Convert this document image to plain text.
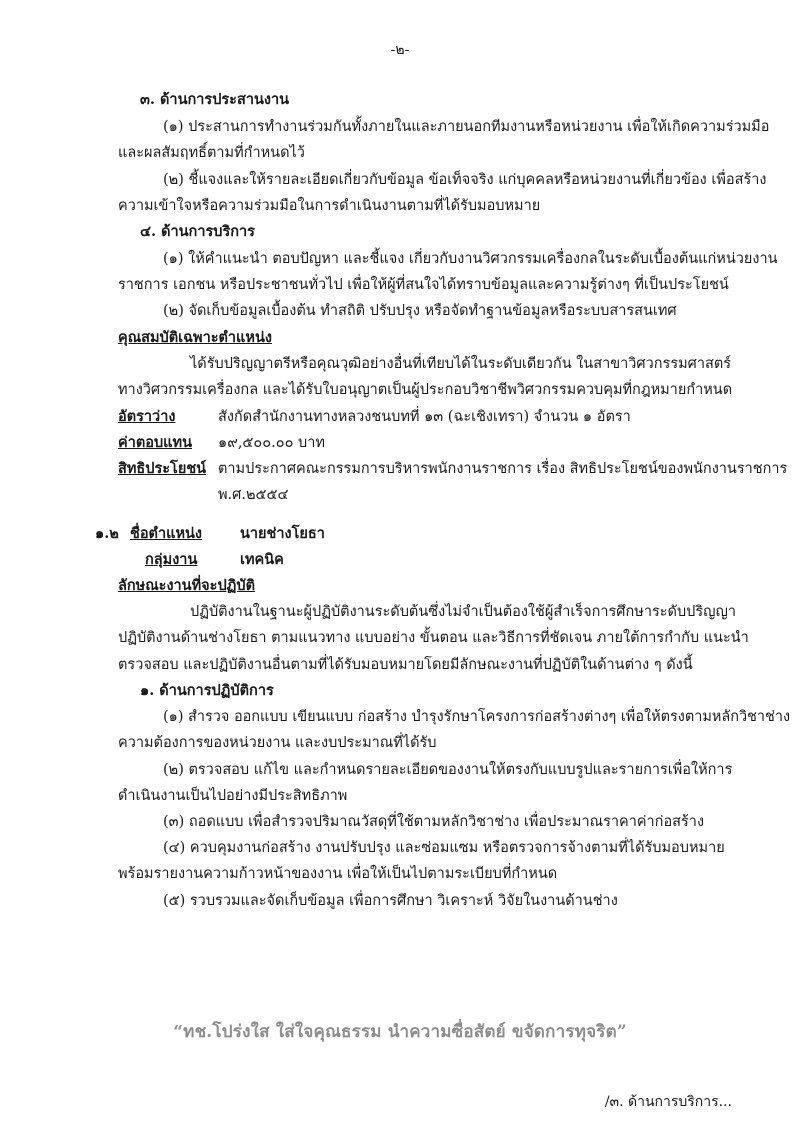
-๒-
๓. ด้านการประสานงาน
(๑) ประสานการทำงานร่วมกันทั้งภายในและภายนอกทีมงานหรือหน่วยงาน เพื่อให้เกิดความร่วมมือ
และผลสัมฤทธิ์ตามที่กำหนดไว้
(๒) ชี้แจงและให้รายละเอียดเกี่ยวกับข้อมูล ข้อเท็จจริง แก่บุคคลหรือหน่วยงานที่เกี่ยวข้อง เพื่อสร้าง
ความเข้าใจหรือความร่วมมือในการดำเนินงานตามที่ได้รับมอบหมาย
๔. ด้านการบริการ
(๑) ให้คำแนะนำ ตอบปัญหา และชี้แจง เกี่ยวกับงานวิศวกรรมเครื่องกลในระดับเบื้องต้นแก่หน่วยงาน
ราชการ เอกชน หรือประชาชนทั่วไป เพื่อให้ผู้ที่สนใจได้ทราบข้อมูลและความรู้ต่างๆ ที่เป็นประโยชน์
(๒) จัดเก็บข้อมูลเบื้องต้น ทำสถิติ ปรับปรุง หรือจัดทำฐานข้อมูลหรือระบบสารสนเทศ
คุณสมบัติเฉพาะตำแหน่ง
ได้รับปริญญาตรีหรือคุณวุฒิอย่างอื่นที่เทียบได้ในระดับเดียวกัน ในสาขาวิศวกรรมศาสตร์
ทางวิศวกรรมเครื่องกล และได้รับใบอนุญาตเป็นผู้ประกอบวิชาชีพวิศวกรรมควบคุมที่กฎหมายกำหนด
อัตราว่าง	สังกัดสำนักงานทางหลวงชนบทที่ ๑๓ (ฉะเชิงเทรา) จำนวน ๑ อัตรา
ค่าตอบแทน ๑๙,๕๐๐.๐๐ บาท
สิทธิประโยชน์ ตามประกาศคณะกรรมการบริหารพนักงานราชการ เรื่อง สิทธิประโยชน์ของพนักงานราชการ
พ.ศ.๒๕๕๔
๑.๒ ชื่อตำแหน่ง	นายช่างโยธา
กลุ่มงาน	เทคนิค
ลักษณะงานที่จะปฏิบัติ
ปฏิบัติงานในฐานะผู้ปฏิบัติงานระดับต้นซึ่งไม่จำเป็นต้องใช้ผู้สำเร็จการศึกษาระดับปริญญา
ปฏิบัติงานด้านช่างโยธา ตามแนวทาง แบบอย่าง ขั้นตอน และวิธีการที่ชัดเจน ภายใต้การกำกับ แนะนำ
ตรวจสอบ และปฏิบัติงานอื่นตามที่ได้รับมอบหมายโดยมีลักษณะงานที่ปฏิบัติในด้านต่าง ๆ ดังนี้
๑. ด้านการปฏิบัติการ
(๑) สำรวจ ออกแบบ เขียนแบบ ก่อสร้าง บำรุงรักษาโครงการก่อสร้างต่างๆ เพื่อให้ตรงตามหลักวิชาช่าง
ความต้องการของหน่วยงาน และงบประมาณที่ได้รับ
(๒) ตรวจสอบ แก้ไข และกำหนดรายละเอียดของงานให้ตรงกับแบบรูปและรายการเพื่อให้การ
ดำเนินงานเป็นไปอย่างมีประสิทธิภาพ
(๓) ถอดแบบ เพื่อสำรวจปริมาณวัสดุที่ใช้ตามหลักวิชาช่าง เพื่อประมาณราคาค่าก่อสร้าง
(๔) ควบคุมงานก่อสร้าง งานปรับปรุง และซ่อมแซม หรือตรวจการจ้างตามที่ได้รับมอบหมาย
พร้อมรายงานความก้าวหน้าของงาน เพื่อให้เป็นไปตามระเบียบที่กำหนด
(๕) รวบรวมและจัดเก็บข้อมูล เพื่อการศึกษา วิเคราะห์ วิจัยในงานด้านช่าง
“ทช.โปร่งใส ใส่ใจคุณธรรม นำความซื่อสัตย์ ขจัดการทุจริต”
/๓. ด้านการบริการ...
